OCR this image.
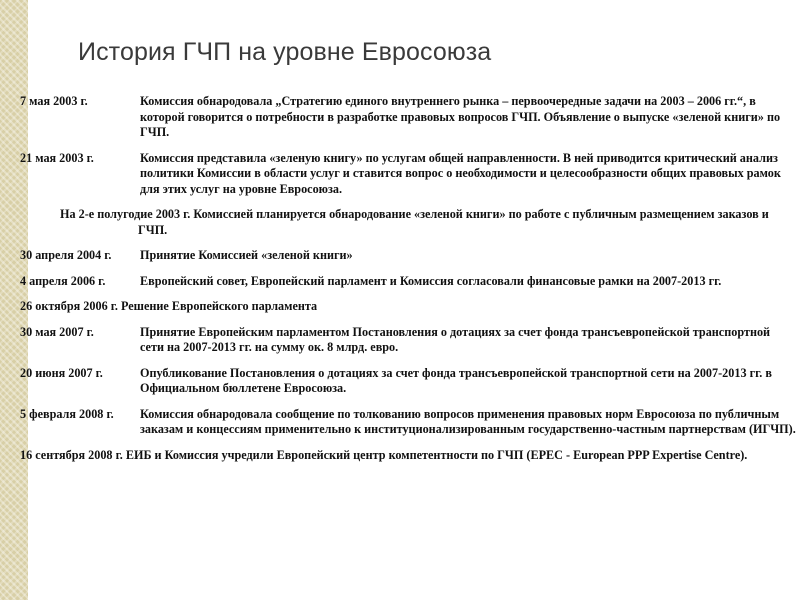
История ГЧП на уровне Евросоюза
7 мая 2003 г.	Комиссия обнародовала „Стратегию единого внутреннего рынка – первоочередные задачи на 2003 – 2006 гг.“, в которой говорится о потребности в разработке правовых вопросов ГЧП. Объявление о выпуске «зеленой книги» по ГЧП.
21 мая 2003 г.	Комиссия представила «зеленую книгу» по услугам общей направленности. В ней приводится критический анализ политики Комиссии в области услуг и ставится вопрос о необходимости и целесообразности общих правовых рамок для этих услуг на уровне Евросоюза.
На 2-е полугодие 2003 г. Комиссией планируется обнародование «зеленой книги» по работе с публичным размещением заказов и ГЧП.
30 апреля 2004 г. Принятие Комиссией «зеленой книги»
4 апреля 2006 г.	Европейский совет, Европейский парламент и Комиссия согласовали финансовые рамки на 2007-2013 гг.
26 октября 2006 г. Решение Европейского парламента
30 мая 2007 г.	Принятие Европейским парламентом Постановления о дотациях за счет фонда трансъевропейской транспортной сети на 2007-2013 гг. на сумму ок. 8 млрд. евро.
20 июня 2007 г.	Опубликование Постановления о дотациях за счет фонда трансъевропейской транспортной сети на 2007-2013 гг. в Официальном бюллетене Евросоюза.
5 февраля 2008 г. Комиссия обнародовала сообщение по толкованию вопросов применения правовых норм Евросоюза по публичным заказам и концессиям применительно к институционализированным государственно-частным партнерствам (ИГЧП).
16 сентября 2008 г. ЕИБ и Комиссия учредили Европейский центр компетентности по ГЧП (EPEC - European PPP Expertise Centre).
